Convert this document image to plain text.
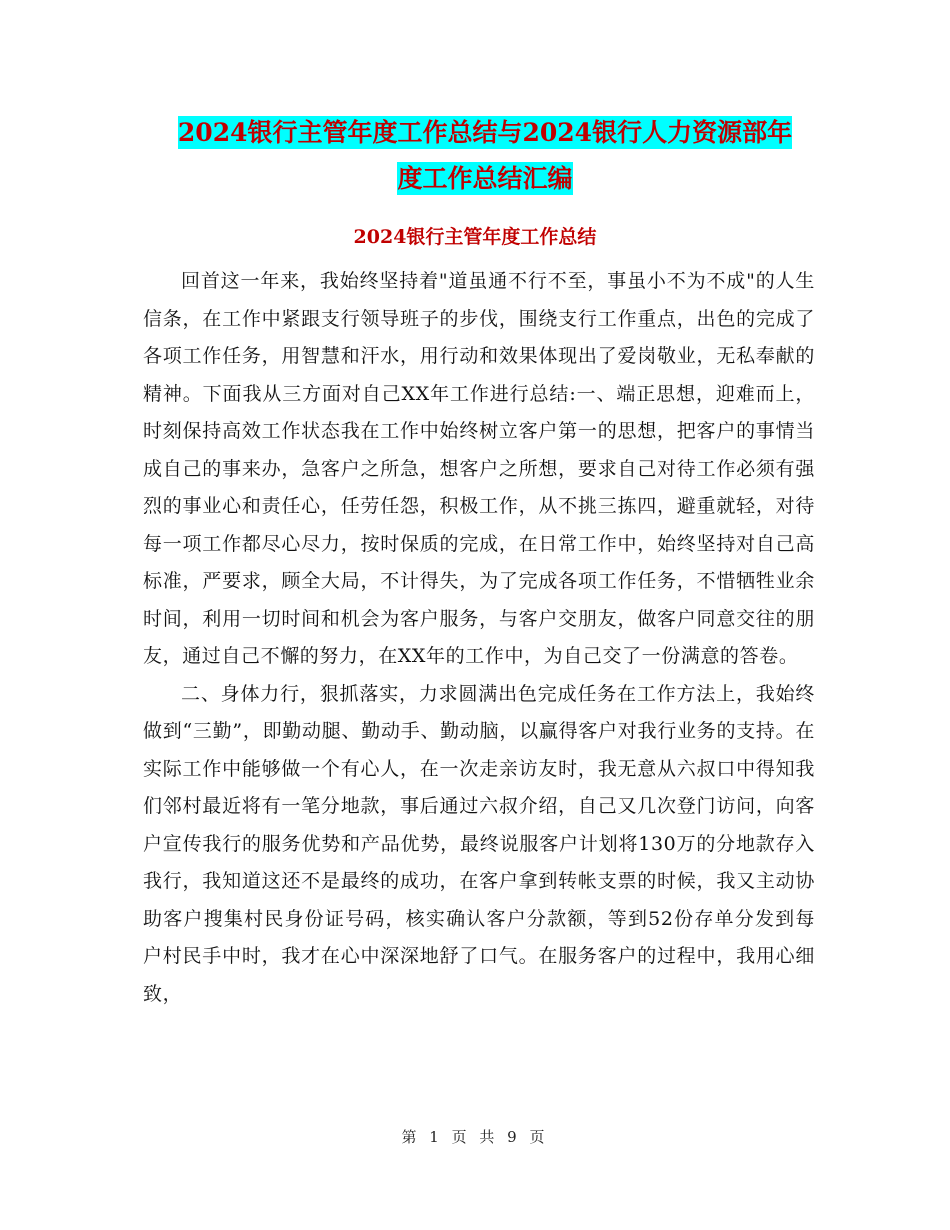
2024银行主管年度工作总结与2024银行人力资源部年
度工作总结汇编
2024银行主管年度工作总结

回首这一年来，我始终坚持着"道虽通不行不至，事虽小不为不成"的人生信条，在工作中紧跟支行领导班子的步伐，围绕支行工作重点，出色的完成了各项工作任务，用智慧和汗水，用行动和效果体现出了爱岗敬业，无私奉献的精神。下面我从三方面对自己XX年工作进行总结:一、端正思想，迎难而上，时刻保持高效工作状态我在工作中始终树立客户第一的思想，把客户的事情当成自己的事来办，急客户之所急，想客户之所想，要求自己对待工作必须有强烈的事业心和责任心，任劳任怨，积极工作，从不挑三拣四，避重就轻，对待每一项工作都尽心尽力，按时保质的完成，在日常工作中，始终坚持对自己高标准，严要求，顾全大局，不计得失，为了完成各项工作任务，不惜牺牲业余时间，利用一切时间和机会为客户服务，与客户交朋友，做客户同意交往的朋友，通过自己不懈的努力，在XX年的工作中，为自己交了一份满意的答卷。

二、身体力行，狠抓落实，力求圆满出色完成任务在工作方法上，我始终做到“三勤”，即勤动腿、勤动手、勤动脑，以赢得客户对我行业务的支持。在实际工作中能够做一个有心人，在一次走亲访友时，我无意从六叔口中得知我们邻村最近将有一笔分地款，事后通过六叔介绍，自己又几次登门访问，向客户宣传我行的服务优势和产品优势，最终说服客户计划将130万的分地款存入我行，我知道这还不是最终的成功，在客户拿到转帐支票的时候，我又主动协助客户搜集村民身份证号码，核实确认客户分款额，等到52份存单分发到每户村民手中时，我才在心中深深地舒了口气。在服务客户的过程中，我用心细致，

第 1 页 共 9 页
